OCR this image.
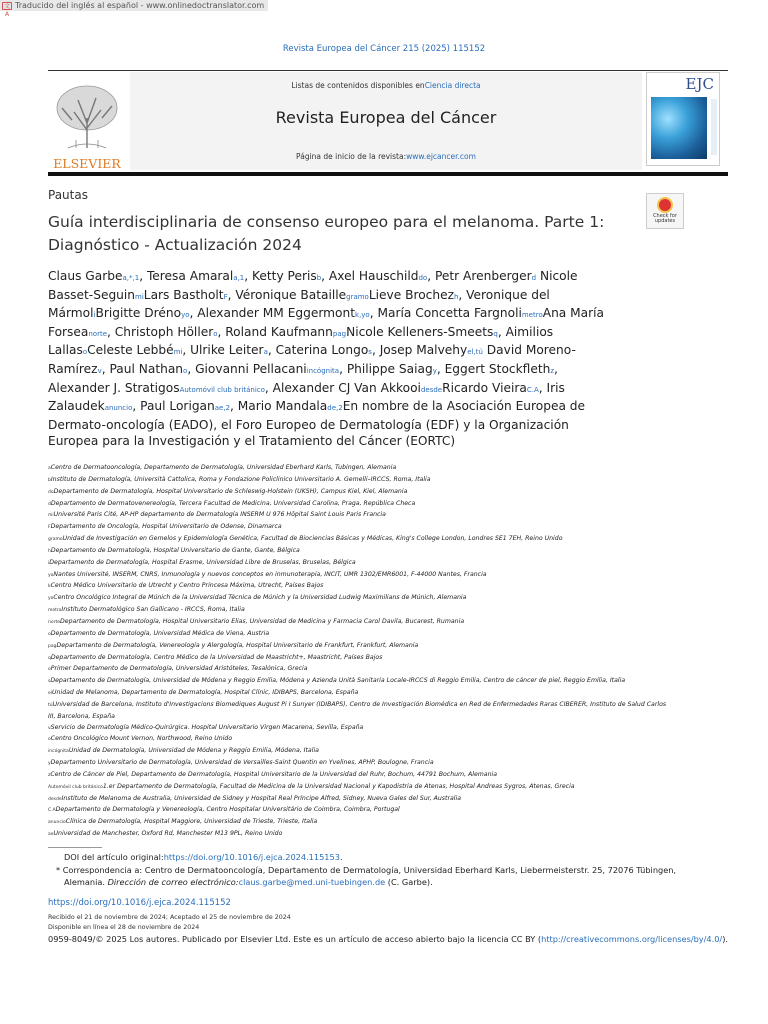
文A
Traducido del inglés al español - www.onlinedoctranslator.com
Revista Europea del Cáncer 215 (2025) 115152
ELSEVIER
Listas de contenidos disponibles enCiencia directa
Revista Europea del Cáncer
Página de inicio de la revista:www.ejcancer.com
EJC
Pautas
Check for
updates
Guía interdisciplinaria de consenso europeo para el melanoma. Parte 1:
Diagnóstico - Actualización 2024
Claus Garbea,*,1, Teresa Amarala,1, Ketty Perisb, Axel Hauschilddo, Petr Arenbergerd Nicole Basset-SeguinmiLars BastholtF, Véronique BataillegramoLieve Brochezh, Veronique del MármoliBrigitte Drénoyo, Alexander MM Eggermontk,yo, María Concetta FargnolimetroAna María Forseanorte, Christoph Höllero, Roland KaufmannpagNicole Kelleners-Smeetsq, Aimilios LallasoCeleste Lebbémi, Ulrike Leitera, Caterina Longos, Josep Malvehyel,tú David Moreno-Ramírezv, Paul Nathano, Giovanni Pellacaniincógnita, Philippe Saiagy, Eggert Stockflethz, Alexander J. StratigosAutomóvil club británico, Alexander CJ Van AkkooidesdeRicardo VieiraC.A, Iris Zalaudekanuncio, Paul Loriganae,2, Mario Mandalade,2En nombre de la Asociación Europea de Dermato-oncología (EADO), el Foro Europeo de Dermatología (EDF) y la Organización Europea para la Investigación y el Tratamiento del Cáncer (EORTC)
aCentro de Dermatooncología, Departamento de Dermatología, Universidad Eberhard Karls, Tubingen, Alemania
bInstituto de Dermatología, Università Cattolica, Roma y Fondazione Policlinico Universitario A. Gemelli–IRCCS, Roma, Italia
doDepartamento de Dermatología, Hospital Universitario de Schleswig-Holstein (UKSH), Campus Kiel, Kiel, Alemania
dDepartamento de Dermatovenereología, Tercera Facultad de Medicina, Universidad Carolina, Praga, República Checa
miUniversité Paris Cité, AP-HP departamento de Dermatología INSERM U 976 Hôpital Saint Louis Paris Francia
FDepartamento de Oncología, Hospital Universitario de Odense, Dinamarca
gramoUnidad de Investigación en Gemelos y Epidemiología Genética, Facultad de Biociencias Básicas y Médicas, King's College London, Londres SE1 7EH, Reino Unido
hDepartamento de Dermatología, Hospital Universitario de Gante, Gante, Bélgica
iDepartamento de Dermatología, Hospital Erasme, Universidad Libre de Bruselas, Bruselas, Bélgica
yoNantes Université, INSERM, CNRS, Inmunología y nuevos conceptos en inmunoterapia, INCIT, UMR 1302/EMR6001, F-44000 Nantes, Francia
kCentro Médico Universitario de Utrecht y Centro Princesa Máxima, Utrecht, Países Bajos
yoCentro Oncológico Integral de Múnich de la Universidad Técnica de Múnich y la Universidad Ludwig Maximilians de Múnich, Alemania
metroInstituto Dermatológico San Gallicano - IRCCS, Roma, Italia
norteDepartamento de Dermatología, Hospital Universitario Elias, Universidad de Medicina y Farmacia Carol Davila, Bucarest, Rumania
oDepartamento de Dermatología, Universidad Médica de Viena, Austria
pagDepartamento de Dermatología, Venereología y Alergología, Hospital Universitario de Frankfurt, Frankfurt, Alemania
qDepartamento de Dermatología, Centro Médico de la Universidad de Maastricht+, Maastricht, Países Bajos
oPrimer Departamento de Dermatología, Universidad Aristóteles, Tesalónica, Grecia
sDepartamento de Dermatología, Universidad de Módena y Reggio Emilia, Módena y Azienda Unità Sanitaria Locale-IRCCS di Reggio Emilia, Centro de cáncer de piel, Reggio Emilia, Italia
elUnidad de Melanoma, Departamento de Dermatología, Hospital Clínic, IDIBAPS, Barcelona, España
túUniversidad de Barcelona, Instituto d'Investigacions Biomediques August Pi I Sunyer (IDIBAPS), Centro de Investigación Biomédica en Red de Enfermedades Raras CIBERER, Instituto de Salud Carlos III, Barcelona, España
vServicio de Dermatología Médico-Quirúrgica. Hospital Universitario Virgen Macarena, Sevilla, España
oCentro Oncológico Mount Vernon, Northwood, Reino Unido
incógnitaUnidad de Dermatología, Universidad de Módena y Reggio Emilia, Módena, Italia
yDepartamento Universitario de Dermatología, Universidad de Versailles-Saint Quentin en Yvelines, APHP, Boulogne, Francia
zCentro de Cáncer de Piel, Departamento de Dermatología, Hospital Universitario de la Universidad del Ruhr, Bochum, 44791 Bochum, Alemania
Automóvil club británico1.er Departamento de Dermatología, Facultad de Medicina de la Universidad Nacional y Kapodistria de Atenas, Hospital Andreas Sygros, Atenas, Grecia
desdeInstituto de Melanoma de Australia, Universidad de Sidney y Hospital Real Príncipe Alfred, Sidney, Nueva Gales del Sur, Australia
C.ADepartamento de Dermatología y Venereología, Centro Hospitalar Universitário de Coimbra, Coimbra, Portugal
anuncioClínica de Dermatología, Hospital Maggiore, Universidad de Trieste, Trieste, Italia
aeUniversidad de Manchester, Oxford Rd, Manchester M13 9PL, Reino Unido
DOI del artículo original:https://doi.org/10.1016/j.ejca.2024.115153.
* Correspondencia a: Centro de Dermatooncología, Departamento de Dermatología, Universidad Eberhard Karls, Liebermeisterstr. 25, 72076 Tübingen, Alemania. Dirección de correo electrónico:claus.garbe@med.uni-tuebingen.de (C. Garbe).
https://doi.org/10.1016/j.ejca.2024.115152
Recibido el 21 de noviembre de 2024; Aceptado el 25 de noviembre de 2024
Disponible en línea el 28 de noviembre de 2024
0959-8049/© 2025 Los autores. Publicado por Elsevier Ltd. Este es un artículo de acceso abierto bajo la licencia CC BY (http://creativecommons.org/licenses/by/4.0/).
